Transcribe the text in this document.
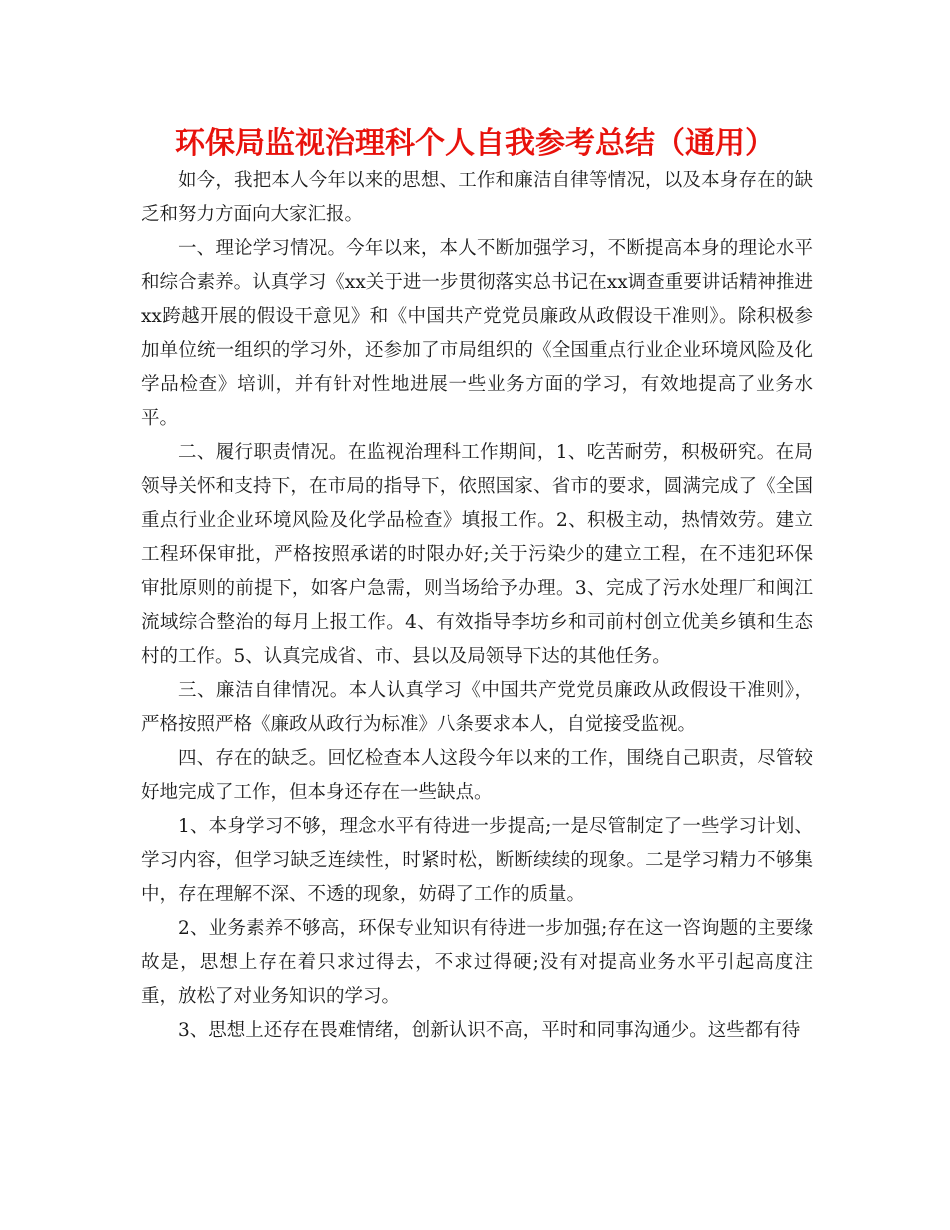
环保局监视治理科个人自我参考总结（通用）

如今，我把本人今年以来的思想、工作和廉洁自律等情况，以及本身存在的缺乏和努力方面向大家汇报。

一、理论学习情况。今年以来，本人不断加强学习，不断提高本身的理论水平和综合素养。认真学习《xx关于进一步贯彻落实总书记在xx调查重要讲话精神推进xx跨越开展的假设干意见》和《中国共产党党员廉政从政假设干准则》。除积极参加单位统一组织的学习外，还参加了市局组织的《全国重点行业企业环境风险及化学品检查》培训，并有针对性地进展一些业务方面的学习，有效地提高了业务水平。

二、履行职责情况。在监视治理科工作期间，1、吃苦耐劳，积极研究。在局领导关怀和支持下，在市局的指导下，依照国家、省市的要求，圆满完成了《全国重点行业企业环境风险及化学品检查》填报工作。2、积极主动，热情效劳。建立工程环保审批，严格按照承诺的时限办好;关于污染少的建立工程，在不违犯环保审批原则的前提下，如客户急需，则当场给予办理。3、完成了污水处理厂和闽江流域综合整治的每月上报工作。4、有效指导李坊乡和司前村创立优美乡镇和生态村的工作。5、认真完成省、市、县以及局领导下达的其他任务。

三、廉洁自律情况。本人认真学习《中国共产党党员廉政从政假设干准则》，严格按照严格《廉政从政行为标准》八条要求本人，自觉接受监视。

四、存在的缺乏。回忆检查本人这段今年以来的工作，围绕自己职责，尽管较好地完成了工作，但本身还存在一些缺点。

1、本身学习不够，理念水平有待进一步提高;一是尽管制定了一些学习计划、学习内容，但学习缺乏连续性，时紧时松，断断续续的现象。二是学习精力不够集中，存在理解不深、不透的现象，妨碍了工作的质量。

2、业务素养不够高，环保专业知识有待进一步加强;存在这一咨询题的主要缘故是，思想上存在着只求过得去，不求过得硬;没有对提高业务水平引起高度注重，放松了对业务知识的学习。

3、思想上还存在畏难情绪，创新认识不高，平时和同事沟通少。这些都有待
